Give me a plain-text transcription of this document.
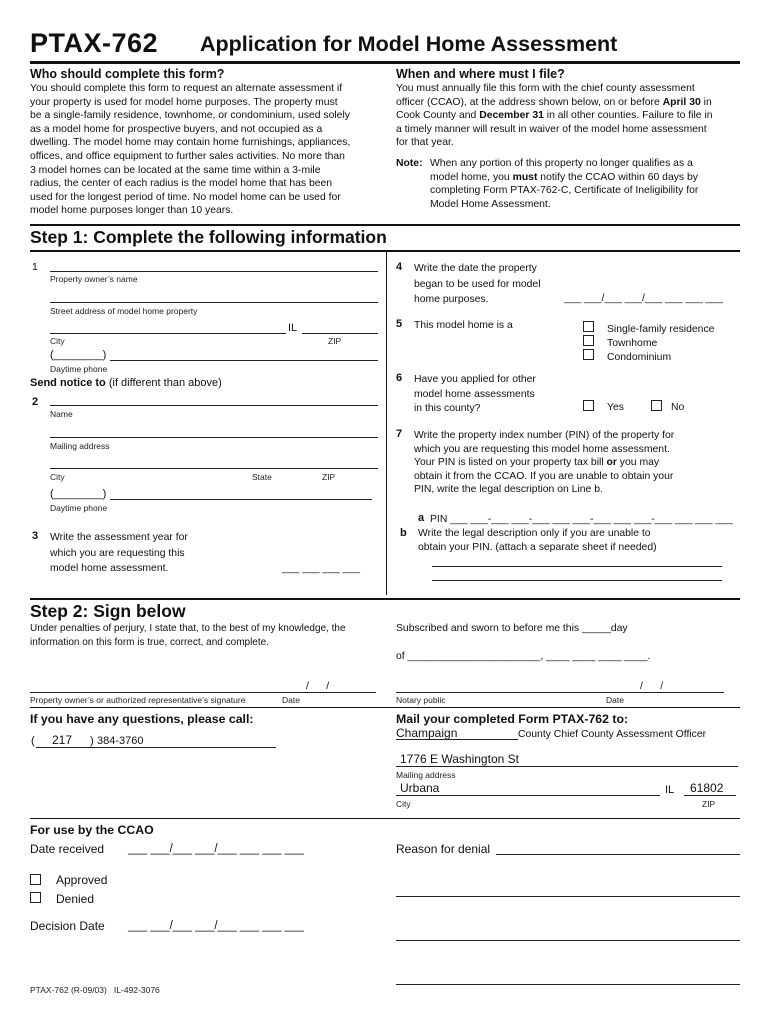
PTAX-762 Application for Model Home Assessment
Who should complete this form?
You should complete this form to request an alternate assessment if
your property is used for model home purposes. The property must
be a single-family residence, townhome, or condominium, used solely
as a model home for prospective buyers, and not occupied as a
dwelling. The model home may contain home furnishings, appliances,
offices, and office equipment to further sales activities. No more than
3 model homes can be located at the same time within a 3-mile
radius, the center of each radius is the model home that has been
used for the longest period of time. No model home can be used for
model home purposes longer than 10 years.
When and where must I file?
You must annually file this form with the chief county assessment
officer (CCAO), at the address shown below, on or before April 30 in
Cook County and December 31 in all other counties. Failure to file in
a timely manner will result in waiver of the model home assessment
for that year.
Note: When any portion of this property no longer qualifies as a
model home, you must notify the CCAO within 60 days by
completing Form PTAX-762-C, Certificate of Ineligibility for
Model Home Assessment.
Step 1: Complete the following information
1
Property owner’s name
Street address of model home property
IL
City	ZIP
(________)
Daytime phone
Send notice to (if different than above)
2
Name
Mailing address
City	State	ZIP
(________)
Daytime phone
3 Write the assessment year for
which you are requesting this
model home assessment.	___ ___ ___ ___
4 Write the date the property
began to be used for model
home purposes.	___ ___/___ ___/___ ___ ___ ___
5 This model home is a	Single-family residence
Townhome
Condominium
6 Have you applied for other
model home assessments
in this county?	Yes	No
7 Write the property index number (PIN) of the property for
which you are requesting this model home assessment.
Your PIN is listed on your property tax bill or you may
obtain it from the CCAO. If you are unable to obtain your
PIN, write the legal description on Line b.
a PIN ___ ___-___ ___-___ ___ ___-___ ___ ___-___ ___ ___ ___
b Write the legal description only if you are unable to
obtain your PIN. (attach a separate sheet if needed)
Step 2: Sign below
Under penalties of perjury, I state that, to the best of my knowledge, the
information on this form is true, correct, and complete.
Subscribed and sworn to before me this _____day
of _______________________, ____ ____ ____ ____.
/      /
Property owner’s or authorized representative’s signature	Date
/      /
Notary public	Date
If you have any questions, please call:
( 217 ) 384-3760
Mail your completed Form PTAX-762 to:
Champaign	County Chief County Assessment Officer
1776 E Washington St
Mailing address
Urbana	IL 61802
City	ZIP
For use by the CCAO
Date received ___ ___/___ ___/___ ___ ___ ___
Approved
Denied
Decision Date ___ ___/___ ___/___ ___ ___ ___
Reason for denial
PTAX-762 (R-09/03)   IL-492-3076
